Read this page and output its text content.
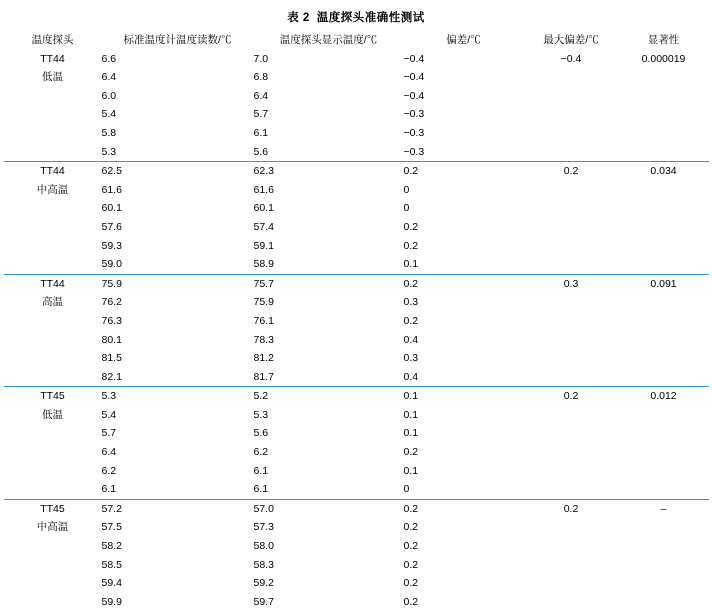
表 2 温度探头准确性测试
温度探头	标准温度计温度读数/℃	温度探头显示温度/℃	偏差/℃	最大偏差/℃	显著性
TT44	6.6	7.0	−0.4	−0.4	0.000019
低温	6.4	6.8	−0.4		
	6.0	6.4	−0.4		
	5.4	5.7	−0.3		
	5.8	6.1	−0.3		
	5.3	5.6	−0.3		
TT44	62.5	62.3	0.2	0.2	0.034
中高温	61.6	61.6	0		
	60.1	60.1	0		
	57.6	57.4	0.2		
	59.3	59.1	0.2		
	59.0	58.9	0.1		
TT44	75.9	75.7	0.2	0.3	0.091
高温	76.2	75.9	0.3		
	76.3	76.1	0.2		
	80.1	78.3	0.4		
	81.5	81.2	0.3		
	82.1	81.7	0.4		
TT45	5.3	5.2	0.1	0.2	0.012
低温	5.4	5.3	0.1		
	5.7	5.6	0.1		
	6.4	6.2	0.2		
	6.2	6.1	0.1		
	6.1	6.1	0		
TT45	57.2	57.0	0.2	0.2	–
中高温	57.5	57.3	0.2		
	58.2	58.0	0.2		
	58.5	58.3	0.2		
	59.4	59.2	0.2		
	59.9	59.7	0.2		
